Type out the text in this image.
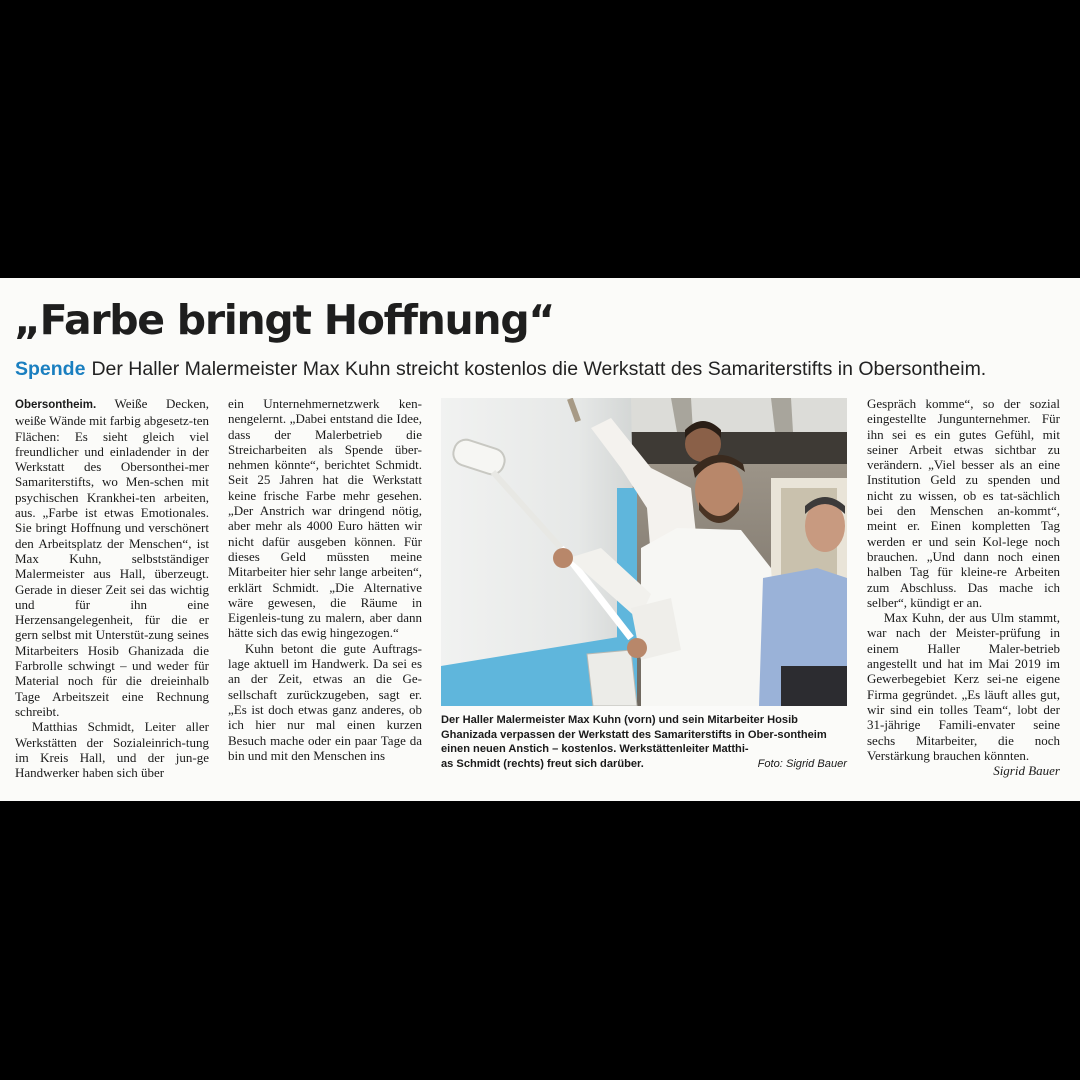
„Farbe bringt Hoffnung“
Spende Der Haller Malermeister Max Kuhn streicht kostenlos die Werkstatt des Samariterstifts in Obersontheim.

Obersontheim. Weiße Decken, weiße Wände mit farbig abgesetz-ten Flächen: Es sieht gleich viel freundlicher und einladender in der Werkstatt des Obersonthei-mer Samariterstifts, wo Men-schen mit psychischen Krankhei-ten arbeiten, aus. „Farbe ist etwas Emotionales. Sie bringt Hoffnung und verschönert den Arbeitsplatz der Menschen“, ist Max Kuhn, selbstständiger Malermeister aus Hall, überzeugt. Gerade in dieser Zeit sei das wichtig und für ihn eine Herzensangelegenheit, für die er gern selbst mit Unterstüt-zung seines Mitarbeiters Hosib Ghanizada die Farbrolle schwingt – und weder für Material noch für die dreieinhalb Tage Arbeitszeit eine Rechnung schreibt.

Matthias Schmidt, Leiter aller Werkstätten der Sozialeinrich-tung im Kreis Hall, und der jun-ge Handwerker haben sich über

ein Unternehmernetzwerk ken-nengelernt. „Dabei entstand die Idee, dass der Malerbetrieb die Streicharbeiten als Spende über-nehmen könnte“, berichtet Schmidt. Seit 25 Jahren hat die Werkstatt keine frische Farbe mehr gesehen. „Der Anstrich war dringend nötig, aber mehr als 4000 Euro hätten wir nicht dafür ausgeben können. Für dieses Geld müssten meine Mitarbeiter hier sehr lange arbeiten“, erklärt Schmidt. „Die Alternative wäre gewesen, die Räume in Eigenleis-tung zu malern, aber dann hätte sich das ewig hingezogen.“

Kuhn betont die gute Auftrags-lage aktuell im Handwerk. Da sei es an der Zeit, etwas an die Ge-sellschaft zurückzugeben, sagt er. „Es ist doch etwas ganz anderes, ob ich hier nur mal einen kurzen Besuch mache oder ein paar Tage da bin und mit den Menschen ins

Der Haller Malermeister Max Kuhn (vorn) und sein Mitarbeiter Hosib Ghanizada verpassen der Werkstatt des Samariterstifts in Ober-sontheim einen neuen Anstich – kostenlos. Werkstättenleiter Matthi-
as Schmidt (rechts) freut sich darüber.	Foto: Sigrid Bauer

Gespräch komme“, so der sozial eingestellte Jungunternehmer. Für ihn sei es ein gutes Gefühl, mit seiner Arbeit etwas sichtbar zu verändern. „Viel besser als an eine Institution Geld zu spenden und nicht zu wissen, ob es tat-sächlich bei den Menschen an-kommt“, meint er. Einen kompletten Tag werden er und sein Kol-lege noch brauchen. „Und dann noch einen halben Tag für kleine-re Arbeiten zum Abschluss. Das mache ich selber“, kündigt er an.

Max Kuhn, der aus Ulm stammt, war nach der Meister-prüfung in einem Haller Maler-betrieb angestellt und hat im Mai 2019 im Gewerbegebiet Kerz sei-ne eigene Firma gegründet. „Es läuft alles gut, wir sind ein tolles Team“, lobt der 31-jährige Famili-envater seine sechs Mitarbeiter, die noch Verstärkung brauchen könnten.
Sigrid Bauer
